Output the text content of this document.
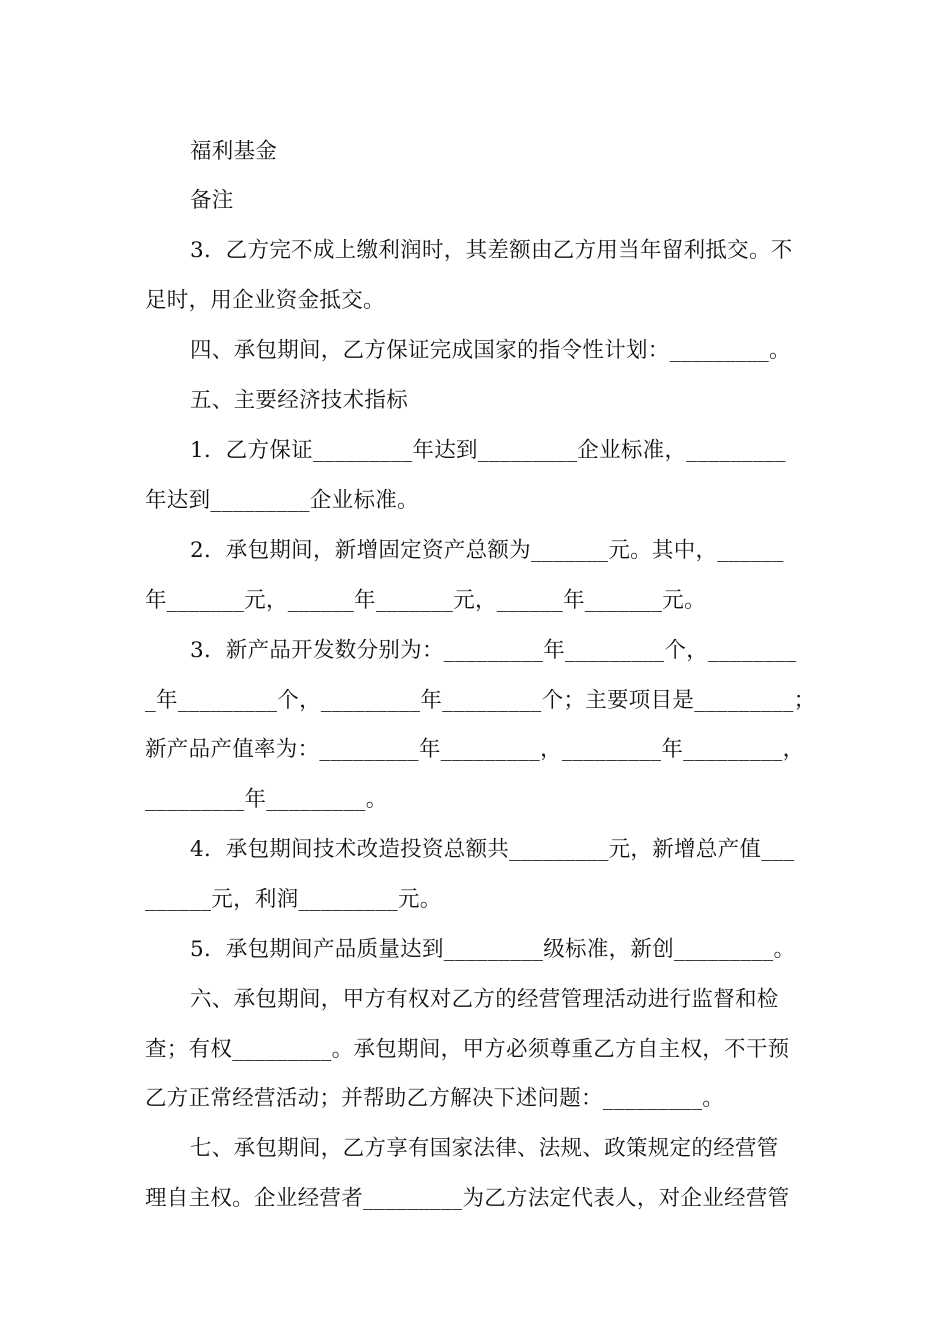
福利基金
备注
3．乙方完不成上缴利润时，其差额由乙方用当年留利抵交。不
足时，用企业资金抵交。
四、承包期间，乙方保证完成国家的指令性计划：_________。
五、主要经济技术指标
1．乙方保证_________年达到_________企业标准，_________
年达到_________企业标准。
2．承包期间，新增固定资产总额为_______元。其中，______
年_______元，______年_______元，______年_______元。
3．新产品开发数分别为：_________年_________个，________
_年_________个，_________年_________个；主要项目是_________；
新产品产值率为：_________年_________，_________年_________，
_________年_________。
4．承包期间技术改造投资总额共_________元，新增总产值___
______元，利润_________元。
5．承包期间产品质量达到_________级标准，新创_________。
六、承包期间，甲方有权对乙方的经营管理活动进行监督和检
查；有权_________。承包期间，甲方必须尊重乙方自主权，不干预
乙方正常经营活动；并帮助乙方解决下述问题：_________。
七、承包期间，乙方享有国家法律、法规、政策规定的经营管
理自主权。企业经营者_________为乙方法定代表人，对企业经营管
